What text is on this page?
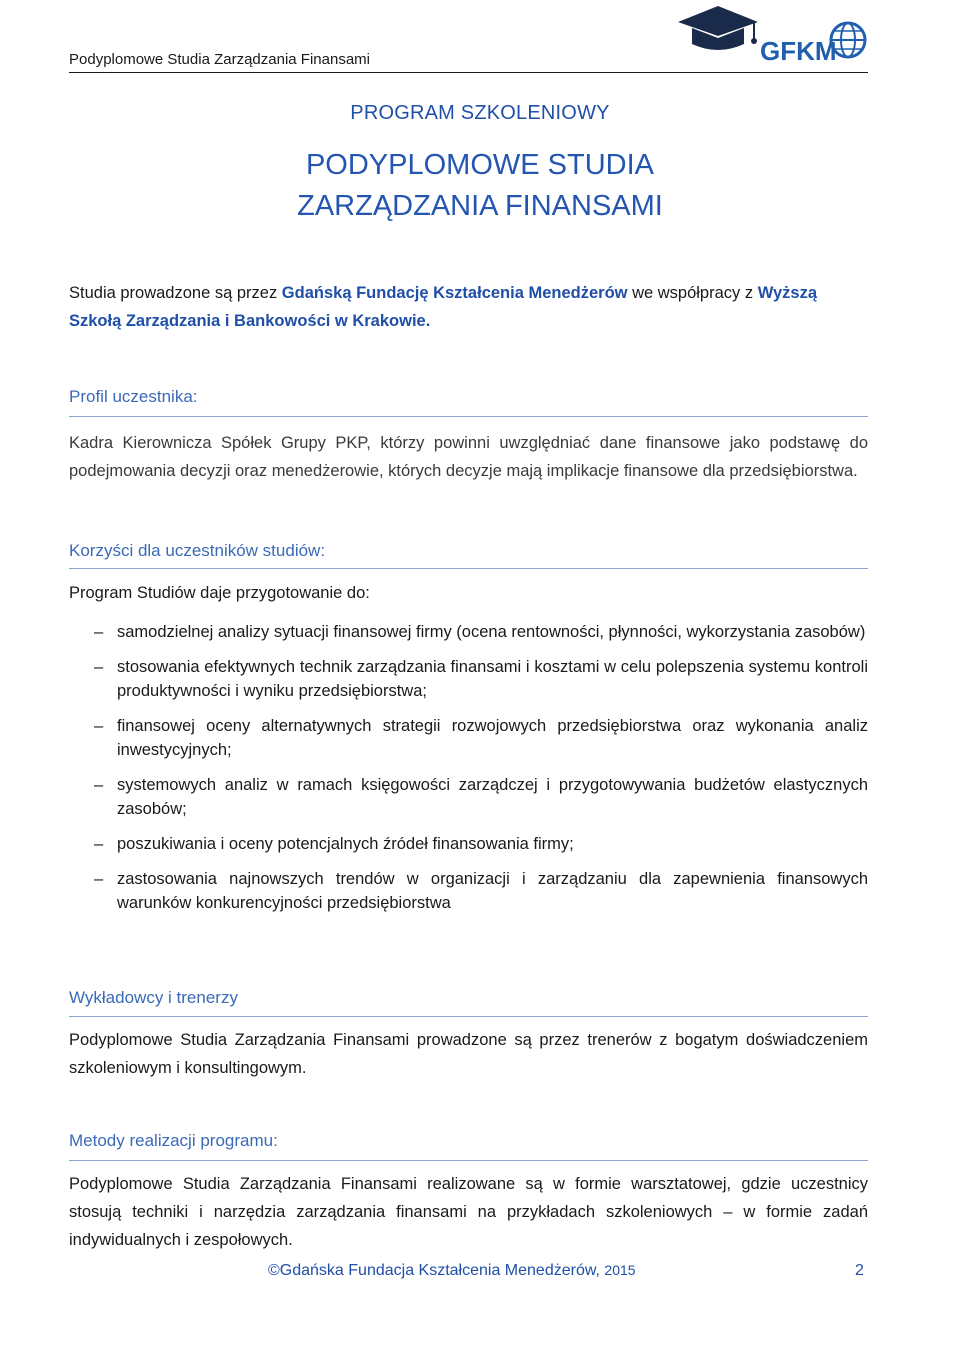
Podyplomowe Studia Zarządzania Finansami	GFKM
PROGRAM SZKOLENIOWY
PODYPLOMOWE STUDIA
ZARZĄDZANIA FINANSAMI
Studia prowadzone są przez Gdańską Fundację Kształcenia Menedżerów we współpracy z Wyższą Szkołą Zarządzania i Bankowości w Krakowie.
Profil uczestnika:
Kadra Kierownicza Spółek Grupy PKP, którzy powinni uwzględniać dane finansowe jako podstawę do podejmowania decyzji oraz menedżerowie, których decyzje mają implikacje finansowe dla przedsiębiorstwa.
Korzyści dla uczestników studiów:
Program Studiów daje przygotowanie do:
– samodzielnej analizy sytuacji finansowej firmy (ocena rentowności, płynności, wykorzystania zasobów)
– stosowania efektywnych technik zarządzania finansami i kosztami w celu polepszenia systemu kontroli produktywności i wyniku przedsiębiorstwa;
– finansowej oceny alternatywnych strategii rozwojowych przedsiębiorstwa oraz wykonania analiz inwestycyjnych;
– systemowych analiz w ramach księgowości zarządczej i przygotowywania budżetów elastycznych zasobów;
– poszukiwania i oceny potencjalnych źródeł finansowania firmy;
– zastosowania najnowszych trendów w organizacji i zarządzaniu dla zapewnienia finansowych warunków konkurencyjności przedsiębiorstwa
Wykładowcy i trenerzy
Podyplomowe Studia Zarządzania Finansami prowadzone są przez trenerów z bogatym doświadczeniem szkoleniowym i konsultingowym.
Metody realizacji programu:
Podyplomowe Studia Zarządzania Finansami realizowane są w formie warsztatowej, gdzie uczestnicy stosują techniki i narzędzia zarządzania finansami na przykładach szkoleniowych – w formie zadań indywidualnych i zespołowych.
©Gdańska Fundacja Kształcenia Menedżerów, 2015	2
